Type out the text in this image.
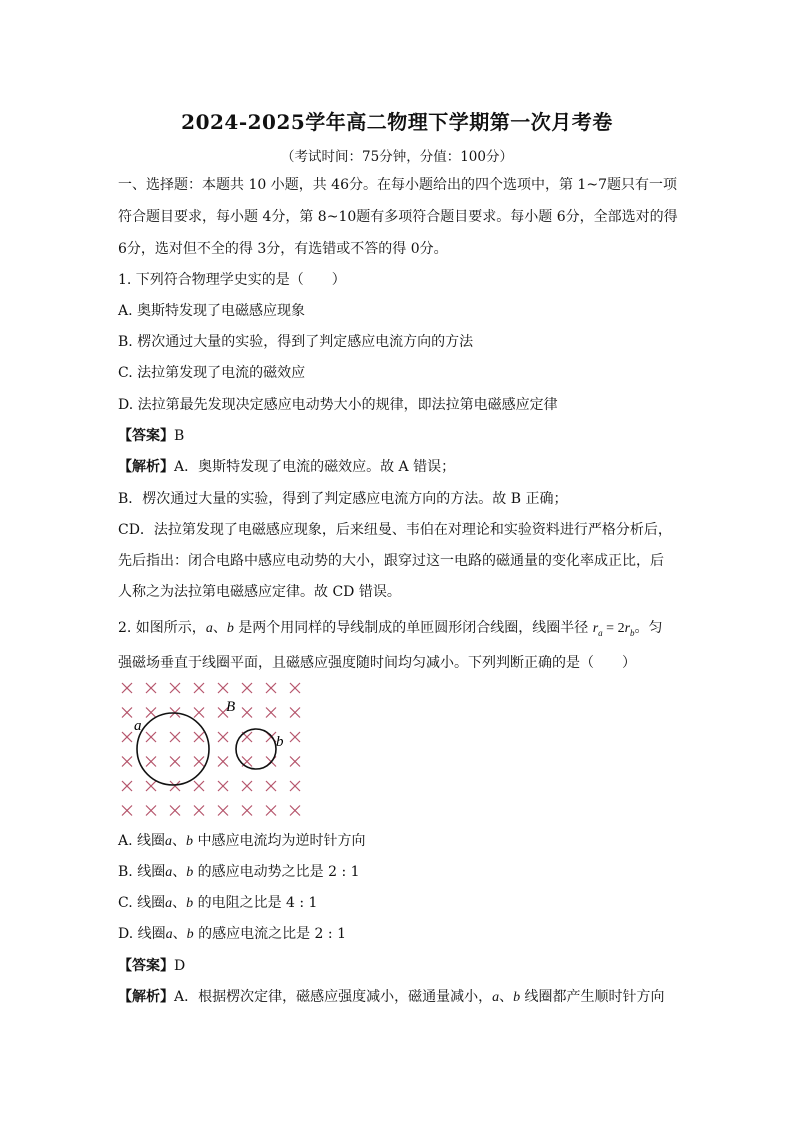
2024-2025学年高二物理下学期第一次月考卷
（考试时间：75分钟，分值：100分）
一、选择题：本题共 10 小题，共 46分。在每小题给出的四个选项中，第 1~7题只有一项
符合题目要求，每小题 4分，第 8~10题有多项符合题目要求。每小题 6分，全部选对的得
6分，选对但不全的得 3分，有选错或不答的得 0分。
1. 下列符合物理学史实的是（　　）
A. 奥斯特发现了电磁感应现象
B. 楞次通过大量的实验，得到了判定感应电流方向的方法
C. 法拉第发现了电流的磁效应
D. 法拉第最先发现决定感应电动势大小的规律，即法拉第电磁感应定律
【答案】B
【解析】A．奥斯特发现了电流的磁效应。故 A 错误；
B．楞次通过大量的实验，得到了判定感应电流方向的方法。故 B 正确；
CD．法拉第发现了电磁感应现象，后来纽曼、韦伯在对理论和实验资料进行严格分析后，
先后指出：闭合电路中感应电动势的大小，跟穿过这一电路的磁通量的变化率成正比，后
人称之为法拉第电磁感应定律。故 CD 错误。
2. 如图所示，a、b 是两个用同样的导线制成的单匝圆形闭合线圈，线圈半径 $r_a = 2r_b$。匀
强磁场垂直于线圈平面，且磁感应强度随时间均匀减小。下列判断正确的是（　　）
a
B
b
A. 线圈a、b 中感应电流均为逆时针方向
B. 线圈a、b 的感应电动势之比是 2 : 1
C. 线圈a、b 的电阻之比是 4 : 1
D. 线圈a、b 的感应电流之比是 2 : 1
【答案】D
【解析】A．根据楞次定律，磁感应强度减小，磁通量减小，a、b 线圈都产生顺时针方向
